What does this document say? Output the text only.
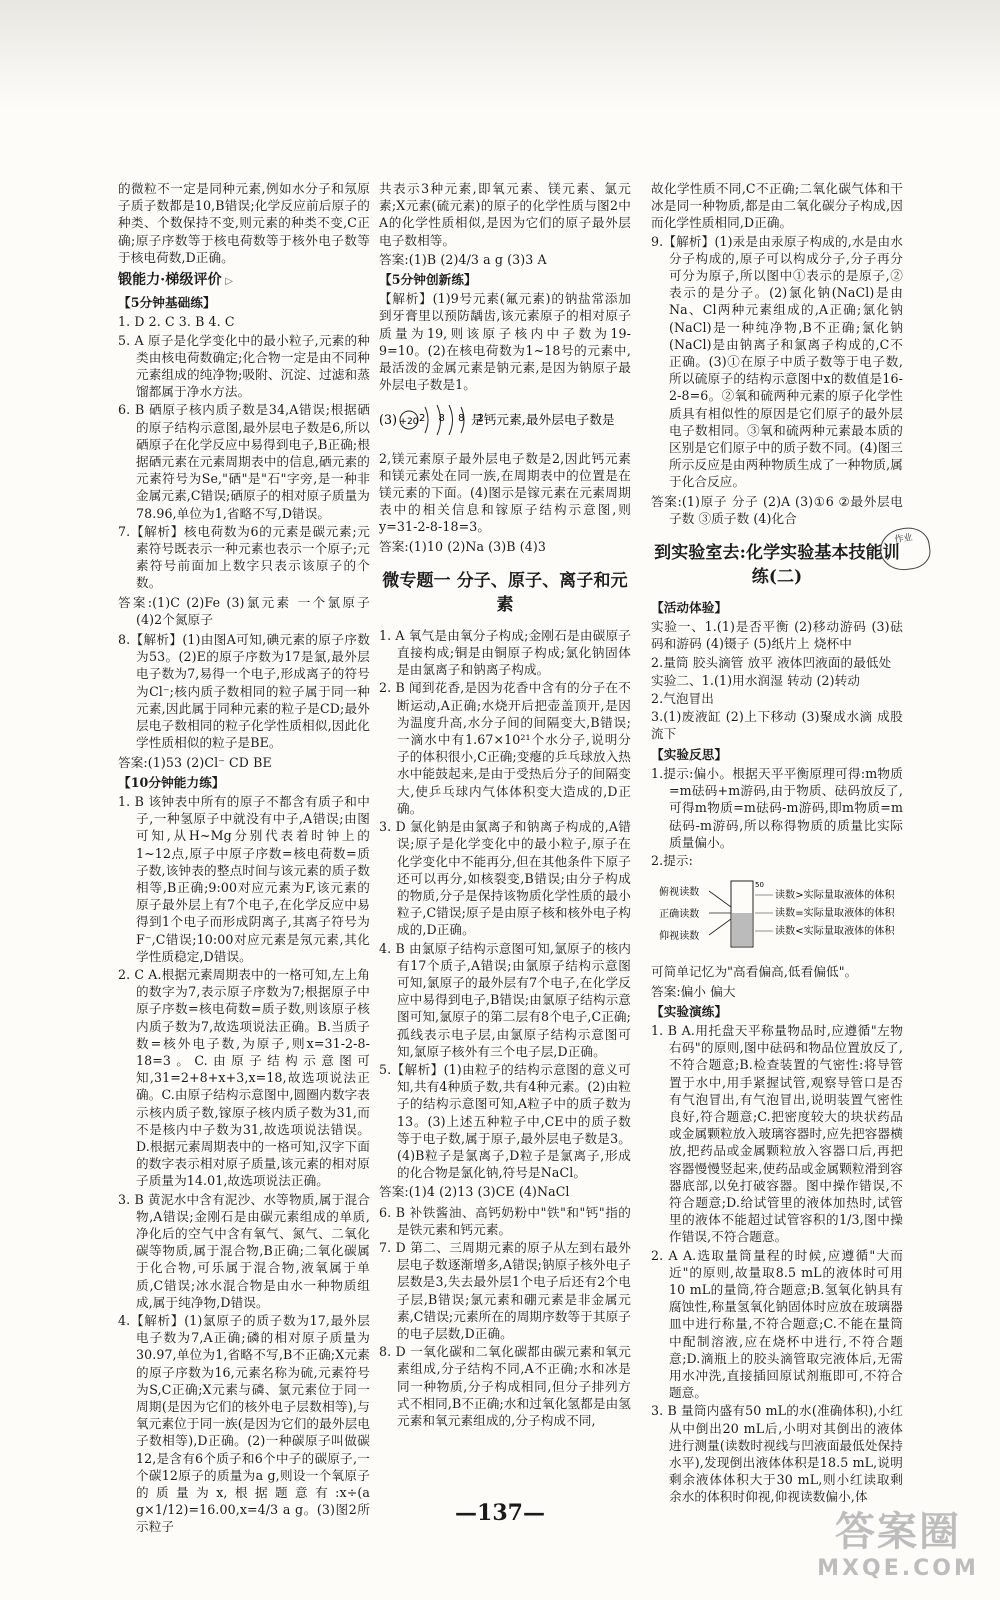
的微粒不一定是同种元素,例如水分子和氖原子质子数都是10,B错误;化学反应前后原子的种类、个数保持不变,则元素的种类不变,C正确;原子序数等于核电荷数等于核外电子数等于核电荷数,D正确。

锻能力·梯级评价 ▷
【5分钟基础练】

1. D 2. C 3. B 4. C

5. A 原子是化学变化中的最小粒子,元素的种类由核电荷数确定;化合物一定是由不同种元素组成的纯净物;吸附、沉淀、过滤和蒸馏都属于净水方法。

6. B 硒原子核内质子数是34,A错误;根据硒的原子结构示意图,最外层电子数是6,所以硒原子在化学反应中易得到电子,B正确;根据硒元素在元素周期表中的信息,硒元素的元素符号为Se,"硒"是"石"字旁,是一种非金属元素,C错误;硒原子的相对原子质量为78.96,单位为1,省略不写,D错误。

7.【解析】核电荷数为6的元素是碳元素;元素符号既表示一种元素也表示一个原子;元素符号前面加上数字只表示该原子的个数。

答案:(1)C (2)Fe (3)氯元素 一个氯原子 (4)2个氮原子

8.【解析】(1)由图A可知,碘元素的原子序数为53。(2)E的原子序数为17是氯,最外层电子数为7,易得一个电子,形成离子的符号为Cl⁻;核内质子数相同的粒子属于同一种元素,因此属于同种元素的粒子是CD;最外层电子数相同的粒子化学性质相似,因此化学性质相似的粒子是BE。

答案:(1)53 (2)Cl⁻ CD BE

【10分钟能力练】

1. B 该钟表中所有的原子不都含有质子和中子,一种氢原子中就没有中子,A错误;由图可知,从H~Mg分别代表着时钟上的1~12点,原子中原子序数=核电荷数=质子数,该钟表的整点时间与该元素的质子数相等,B正确;9:00对应元素为F,该元素的原子最外层上有7个电子,在化学反应中易得到1个电子而形成阴离子,其离子符号为F⁻,C错误;10:00对应元素是氖元素,其化学性质稳定,D错误。

2. C A.根据元素周期表中的一格可知,左上角的数字为7,表示原子序数为7;根据原子中原子序数=核电荷数=质子数,则该原子核内质子数为7,故选项说法正确。B.当质子数=核外电子数,为原子,则x=31-2-8-18=3。C.由原子结构示意图可知,31=2+8+x+3,x=18,故选项说法正确。C.由原子结构示意图中,圆圈内数字表示核内质子数,镓原子核内质子数为31,而不是核内中子数为31,故选项说法错误。D.根据元素周期表中的一格可知,汉字下面的数字表示相对原子质量,该元素的相对原子质量为14.01,故选项说法正确。

3. B 黄泥水中含有泥沙、水等物质,属于混合物,A错误;金刚石是由碳元素组成的单质,净化后的空气中含有氧气、氮气、二氧化碳等物质,属于混合物,B正确;二氧化碳属于化合物,可乐属于混合物,液氧属于单质,C错误;冰水混合物是由水一种物质组成,属于纯净物,D错误。

4.【解析】(1)氯原子的质子数为17,最外层电子数为7,A正确;磷的相对原子质量为30.97,单位为1,省略不写,B不正确;X元素的原子序数为16,元素名称为硫,元素符号为S,C正确;X元素与磷、氯元素位于同一周期(是因为它们的核外电子层数相等),与氧元素位于同一族(是因为它们的最外层电子数相等),D正确。(2)一种碳原子叫做碳12,是含有6个质子和6个中子的碳原子,一个碳12原子的质量为a g,则设一个氧原子的质量为x,根据题意有:x÷(a g×1/12)=16.00,x=4/3 a g。(3)图2所示粒子

共表示3种元素,即氧元素、镁元素、氯元素;X元素(硫元素)的原子的化学性质与图2中A的化学性质相似,是因为它们的原子最外层电子数相等。

答案:(1)B (2)4/3 a g (3)3 A

【5分钟创新练】

【解析】(1)9号元素(氟元素)的钠盐常添加到牙膏里以预防龋齿,该元素原子的相对原子质量为19,则该原子核内中子数为19-9=10。(2)在核电荷数为1~18号的元素中,最活泼的金属元素是钠元素,是因为钠原子最外层电子数是1。

(3) +20 2 8 8 2
是钙元素,最外层电子数是

2,镁元素原子最外层电子数是2,因此钙元素和镁元素处在同一族,在周期表中的位置是在镁元素的下面。(4)图示是镓元素在元素周期表中的相关信息和镓原子结构示意图,则y=31-2-8-18=3。

答案:(1)10 (2)Na (3)B (4)3

微专题一 分子、原子、离子和元素

1. A 氧气是由氧分子构成;金刚石是由碳原子直接构成;铜是由铜原子构成;氯化钠固体是由氯离子和钠离子构成。

2. B 闻到花香,是因为花香中含有的分子在不断运动,A正确;水烧开后把壶盖顶开,是因为温度升高,水分子间的间隔变大,B错误;一滴水中有1.67×10²¹个水分子,说明分子的体积很小,C正确;变瘪的乒乓球放入热水中能鼓起来,是由于受热后分子的间隔变大,使乒乓球内气体体积变大造成的,D正确。

3. D 氯化钠是由氯离子和钠离子构成的,A错误;原子是化学变化中的最小粒子,原子在化学变化中不能再分,但在其他条件下原子还可以再分,如核裂变,B错误;由分子构成的物质,分子是保持该物质化学性质的最小粒子,C错误;原子是由原子核和核外电子构成的,D正确。

4. B 由氯原子结构示意图可知,氯原子的核内有17个质子,A错误;由氯原子结构示意图可知,氯原子的最外层有7个电子,在化学反应中易得到电子,B错误;由氯原子结构示意图可知,氯原子的第二层有8个电子,C正确;孤线表示电子层,由氯原子结构示意图可知,氯原子核外有三个电子层,D正确。

5.【解析】(1)由粒子的结构示意图的意义可知,共有4种质子数,共有4种元素。(2)由粒子的结构示意图可知,A粒子中的质子数为13。(3)上述五种粒子中,CE中的质子数等于电子数,属于原子,最外层电子数是3。(4)B粒子是氯离子,D粒子是氯离子,形成的化合物是氯化钠,符号是NaCl。

答案:(1)4 (2)13 (3)CE (4)NaCl

6. B 补铁酱油、高钙奶粉中"铁"和"钙"指的是铁元素和钙元素。

7. D 第二、三周期元素的原子从左到右最外层电子数逐渐增多,A错误;钠原子核外电子层数是3,失去最外层1个电子后还有2个电子层,B错误;氯元素和硼元素是非金属元素,C错误;元素所在的周期序数等于其原子的电子层数,D正确。

8. D 一氧化碳和二氧化碳都由碳元素和氧元素组成,分子结构不同,A不正确;水和冰是同一种物质,分子构成相同,但分子排列方式不相同,B不正确;水和过氧化氢都是由氢元素和氧元素组成的,分子构成不同,

故化学性质不同,C不正确;二氧化碳气体和干冰是同一种物质,都是由二氧化碳分子构成,因而化学性质相同,D正确。

9.【解析】(1)汞是由汞原子构成的,水是由水分子构成的,原子可以构成分子,分子再分可分为原子,所以图中①表示的是原子,②表示的是分子。(2)氯化钠(NaCl)是由Na、Cl两种元素组成的,A正确;氯化钠(NaCl)是一种纯净物,B不正确;氯化钠(NaCl)是由钠离子和氯离子构成的,C不正确。(3)①在原子中质子数等于电子数,所以硫原子的结构示意图中x的数值是16-2-8=6。②氧和硫两种元素的原子化学性质具有相似性的原因是它们原子的最外层电子数相同。③氧和硫两种元素最本质的区别是它们原子中的质子数不同。(4)图三所示反应是由两种物质生成了一种物质,属于化合反应。

答案:(1)原子 分子 (2)A (3)①6 ②最外层电子数 ③质子数 (4)化合

到实验室去:化学实验基本技能训练(二)
【活动体验】

实验一、1.(1)是否平衡 (2)移动游码 (3)砝码和游码 (4)镊子 (5)纸片上 烧杯中

2.量筒 胶头滴管 放平 液体凹液面的最低处

实验二、1.(1)用水润湿 转动 (2)转动

2.气泡冒出

3.(1)废液缸 (2)上下移动 (3)聚成水滴 成股流下

【实验反思】

1.提示:偏小。根据天平平衡原理可得:m物质=m砝码+m游码,由于物质、砝码放反了,可得m物质=m砝码-m游码,即m物质=m砝码-m游码,所以称得物质的质量比实际质量偏小。

2.提示:

俯视读数
正确读数
仰视读数
50
读数>实际量取液体的体积
读数=实际量取液体的体积
读数<实际量取液体的体积

可简单记忆为"高看偏高,低看偏低"。

答案:偏小 偏大

【实验演练】

1. B A.用托盘天平称量物品时,应遵循"左物右码"的原则,图中砝码和物品位置放反了,不符合题意;B.检查装置的气密性:将导管置于水中,用手紧握试管,观察导管口是否有气泡冒出,有气泡冒出,说明装置气密性良好,符合题意;C.把密度较大的块状药品或金属颗粒放入玻璃容器时,应先把容器横放,把药品或金属颗粒放入容器口后,再把容器慢慢竖起来,使药品或金属颗粒滑到容器底部,以免打破容器。图中操作错误,不符合题意;D.给试管里的液体加热时,试管里的液体不能超过试管容积的1/3,图中操作错误,不符合题意。

2. A A.选取量筒量程的时候,应遵循"大而近"的原则,故量取8.5 mL的液体时可用10 mL的量筒,符合题意;B.氢氧化钠具有腐蚀性,称量氢氧化钠固体时应放在玻璃器皿中进行称量,不符合题意;C.不能在量筒中配制溶液,应在烧杯中进行,不符合题意;D.滴瓶上的胶头滴管取完液体后,无需用水冲洗,直接插回原试剂瓶即可,不符合题意。

3. B 量筒内盛有50 mL的水(准确体积),小红从中倒出20 mL后,小明对其倒出的液体进行测量(读数时视线与凹液面最低处保持水平),发现倒出液体体积是18.5 mL,说明剩余液体体积大于30 mL,则小红读取剩余水的体积时仰视,仰视读数偏小,体

作业
—137—	答案圈
MXQE.COM
